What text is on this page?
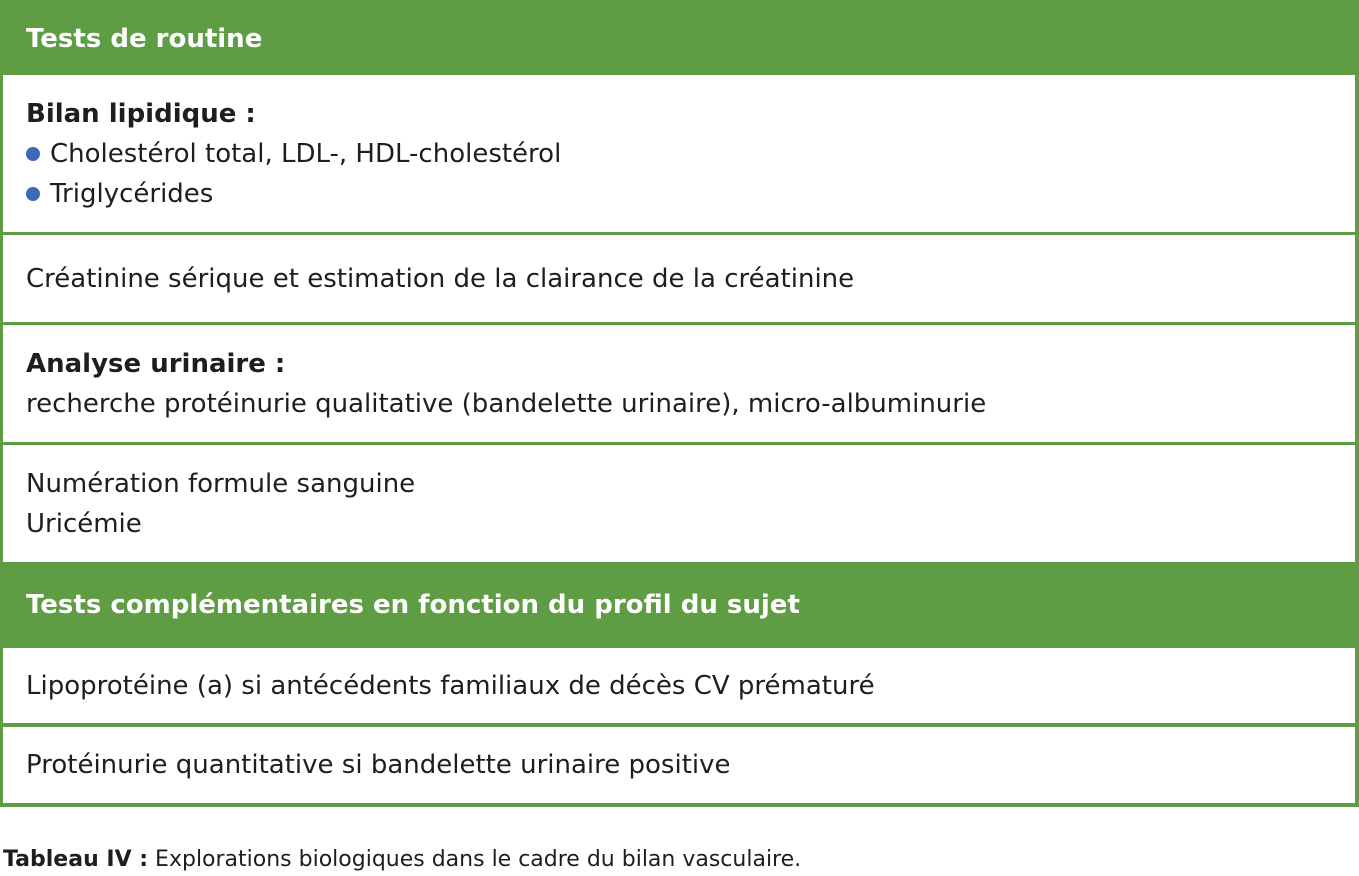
Tests de routine
Bilan lipidique :
Cholestérol total, LDL-, HDL-cholestérol
Triglycérides
Créatinine sérique et estimation de la clairance de la créatinine
Analyse urinaire :
recherche protéinurie qualitative (bandelette urinaire), micro-albuminurie
Numération formule sanguine
Uricémie
Tests complémentaires en fonction du profil du sujet
Lipoprotéine (a) si antécédents familiaux de décès CV prématuré
Protéinurie quantitative si bandelette urinaire positive
Tableau IV : Explorations biologiques dans le cadre du bilan vasculaire.
